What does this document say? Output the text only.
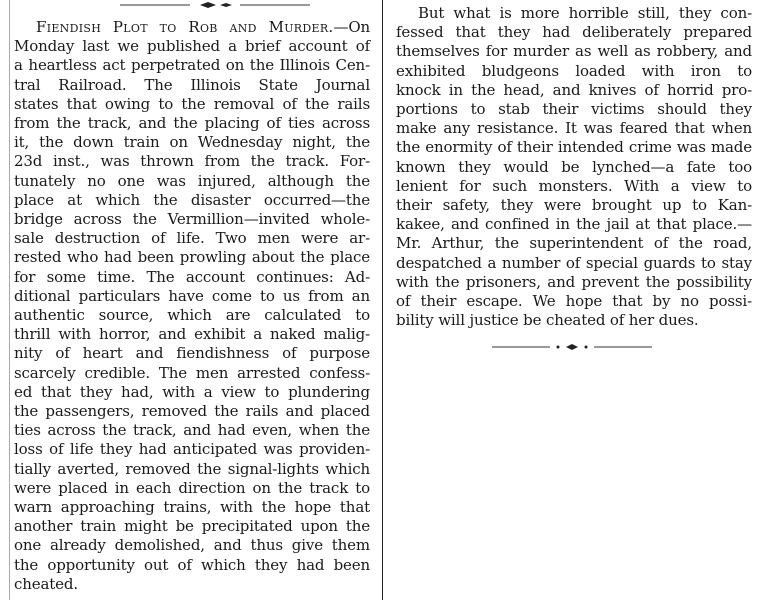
Fiendish Plot to Rob and Murder.—On
Monday last we published a brief account of
a heartless act perpetrated on the Illinois Cen-
tral Railroad. The Illinois State Journal
states that owing to the removal of the rails
from the track, and the placing of ties across
it, the down train on Wednesday night, the
23d inst., was thrown from the track. For-
tunately no one was injured, although the
place at which the disaster occurred—the
bridge across the Vermillion—invited whole-
sale destruction of life. Two men were ar-
rested who had been prowling about the place
for some time. The account continues: Ad-
ditional particulars have come to us from an
authentic source, which are calculated to
thrill with horror, and exhibit a naked malig-
nity of heart and fiendishness of purpose
scarcely credible. The men arrested confess-
ed that they had, with a view to plundering
the passengers, removed the rails and placed
ties across the track, and had even, when the
loss of life they had anticipated was providen-
tially averted, removed the signal-lights which
were placed in each direction on the track to
warn approaching trains, with the hope that
another train might be precipitated upon the
one already demolished, and thus give them
the opportunity out of which they had been
cheated.
But what is more horrible still, they con-
fessed that they had deliberately prepared
themselves for murder as well as robbery, and
exhibited bludgeons loaded with iron to
knock in the head, and knives of horrid pro-
portions to stab their victims should they
make any resistance. It was feared that when
the enormity of their intended crime was made
known they would be lynched—a fate too
lenient for such monsters. With a view to
their safety, they were brought up to Kan-
kakee, and confined in the jail at that place.—
Mr. Arthur, the superintendent of the road,
despatched a number of special guards to stay
with the prisoners, and prevent the possibility
of their escape. We hope that by no possi-
bility will justice be cheated of her dues.
